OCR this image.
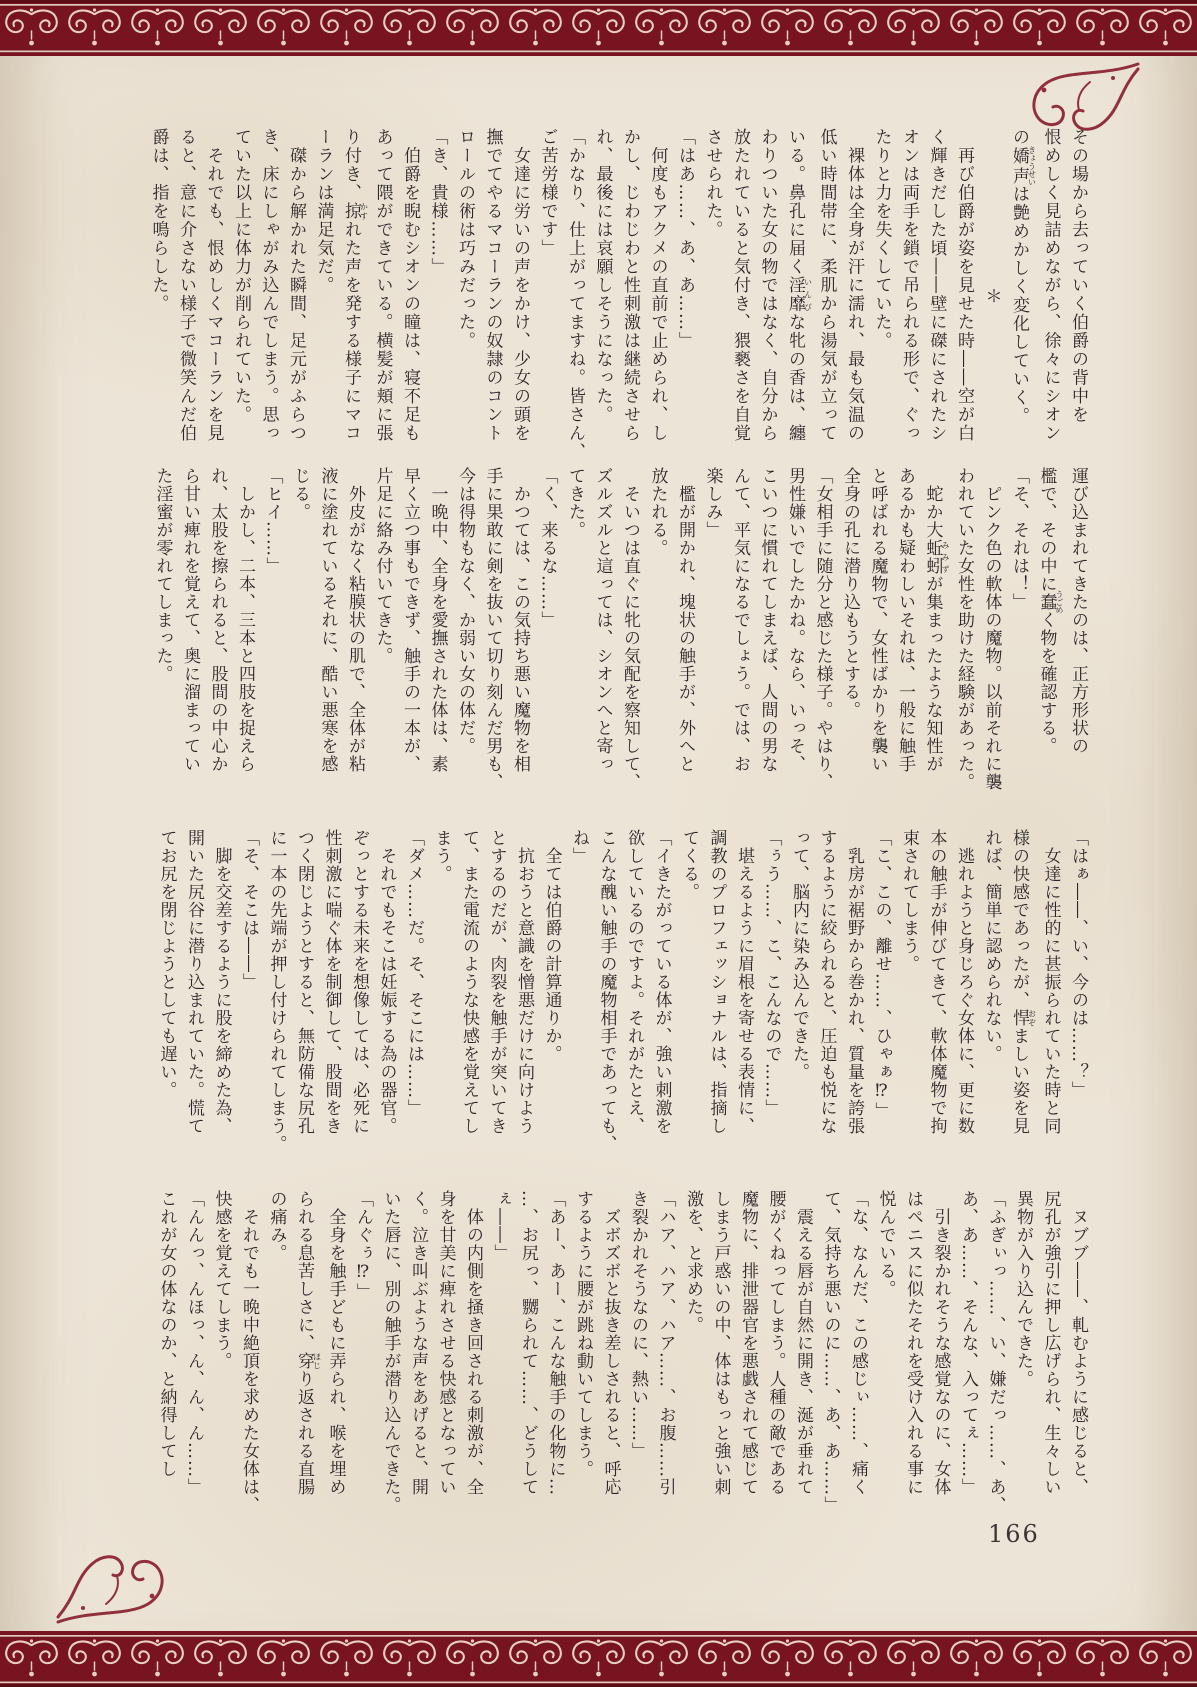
その場から去っていく伯爵の背中を
恨めしく見詰めながら、徐々にシオン
の嬌声きょうせいは艶めかしく変化していく。
＊
　再び伯爵が姿を見せた時――空が白
く輝きだした頃――壁に磔にされたシ
オンは両手を鎖で吊られる形で、ぐっ
たりと力を失くしていた。
　裸体は全身が汗に濡れ、最も気温の
低い時間帯に、柔肌から湯気が立って
いる。鼻孔に届く淫靡いんびな牝の香は、纏
わりついた女の物ではなく、自分から
放たれていると気付き、猥褻さを自覚
させられた。
「はあ……、あ、あ……」
　何度もアクメの直前で止められ、し
かし、じわじわと性刺激は継続させら
れ、最後には哀願しそうになった。
「かなり、仕上がってますね。皆さん、
ご苦労様です」
　女達に労いの声をかけ、少女の頭を
撫でてやるマコーランの奴隷のコント
ロールの術は巧みだった。
「き、貴様……」
　伯爵を睨むシオンの瞳は、寝不足も
あって隈ができている。横髪が頬に張
り付き、掠かすれた声を発する様子にマコ
ーランは満足気だ。
　磔から解かれた瞬間、足元がふらつ
き、床にしゃがみ込んでしまう。思っ
ていた以上に体力が削られていた。
　それでも、恨めしくマコーランを見
ると、意に介さない様子で微笑んだ伯
爵は、指を鳴らした。
運び込まれてきたのは、正方形状の
檻で、その中に蠢うごめく物を確認する。
「そ、それは！」
　ピンク色の軟体の魔物。以前それに襲
われていた女性を助けた経験があった。
　蛇か大蚯蚓みみずが集まったような知性が
あるかも疑わしいそれは、一般に触手
と呼ばれる魔物で、女性ばかりを襲い
全身の孔に潜り込もうとする。
「女相手に随分と感じた様子。やはり、
男性嫌いでしたかね。なら、いっそ、
こいつに慣れてしまえば、人間の男な
んて、平気になるでしょう。では、お
楽しみ」
　檻が開かれ、塊状の触手が、外へと
放たれる。
　そいつは直ぐに牝の気配を察知して、
ズルズルと這っては、シオンへと寄っ
てきた。
「く、来るな……」
　かつては、この気持ち悪い魔物を相
手に果敢に剣を抜いて切り刻んだ男も、
今は得物もなく、か弱い女の体だ。
　一晩中、全身を愛撫された体は、素
早く立つ事もできず、触手の一本が、
片足に絡み付いてきた。
　外皮がなく粘膜状の肌で、全体が粘
液に塗れているそれに、酷い悪寒を感
じる。
「ヒイ……」
　しかし、二本、三本と四肢を捉えら
れ、太股を擦られると、股間の中心か
ら甘い痺れを覚えて、奥に溜まってい
た淫蜜が零れてしまった。
「はぁ――、い、今のは……？」
　女達に性的に甚振られていた時と同
様の快感であったが、悍おぞましい姿を見
れば、簡単に認められない。
　逃れようと身じろぐ女体に、更に数
本の触手が伸びてきて、軟体魔物で拘
束されてしまう。
「こ、この、離せ……、ひゃぁ⁉」
　乳房が裾野から巻かれ、質量を誇張
するように絞られると、圧迫も悦にな
って、脳内に染み込んできた。
「ぅう……、こ、こんなので……」
　堪えるように眉根を寄せる表情に、
調教のプロフェッショナルは、指摘し
てくる。
「イきたがっている体が、強い刺激を
欲しているのですよ。それがたとえ、
こんな醜い触手の魔物相手であっても、
ね」
　全ては伯爵の計算通りか。
　抗おうと意識を憎悪だけに向けよう
とするのだが、肉裂を触手が突いてき
て、また電流のような快感を覚えてし
まう。
「ダメ……だ。そ、そこには……」
　それでもそこは妊娠する為の器官。
ぞっとする未来を想像しては、必死に
性刺激に喘ぐ体を制御して、股間をき
つく閉じようとすると、無防備な尻孔
に一本の先端が押し付けられてしまう。
「そ、そこは――」
　脚を交差するように股を締めた為、
開いた尻谷に潜り込まれていた。慌て
てお尻を閉じようとしても遅い。
　ヌブブ――、軋むように感じると、
尻孔が強引に押し広げられ、生々しい
異物が入り込んできた。
「ふぎぃっ……、い、嫌だっ……、あ、
あ、あ……、そんな、入ってぇ……」
　引き裂かれそうな感覚なのに、女体
はペニスに似たそれを受け入れる事に
悦んでいる。
「な、なんだ、この感じぃ……、痛く
て、気持ち悪いのに……、あ、あ……」
　震える唇が自然に開き、涎が垂れて
腰がくねってしまう。人種の敵である
魔物に、排泄器官を悪戯されて感じて
しまう戸惑いの中、体はもっと強い刺
激を、と求めた。
「ハア、ハア、ハア……、お腹……引
き裂かれそうなのに、熱い……」
　ズボズボと抜き差しされると、呼応
するように腰が跳ね動いてしまう。
「あー、あー、こんな触手の化物に…
…、お尻っ、嬲られて……、どうして
ぇ――」
　体の内側を掻き回される刺激が、全
身を甘美に痺れさせる快感となってい
く。泣き叫ぶような声をあげると、開
いた唇に、別の触手が潜り込んできた。
「んぐぅ⁉」
　全身を触手どもに弄られ、喉を埋め
られる息苦しさに、穿ほじり返される直腸
の痛み。
　それでも一晩中絶頂を求めた女体は、
快感を覚えてしまう。
「んんっ、んほっ、ん、ん、ん……」
これが女の体なのか、と納得してし
166
